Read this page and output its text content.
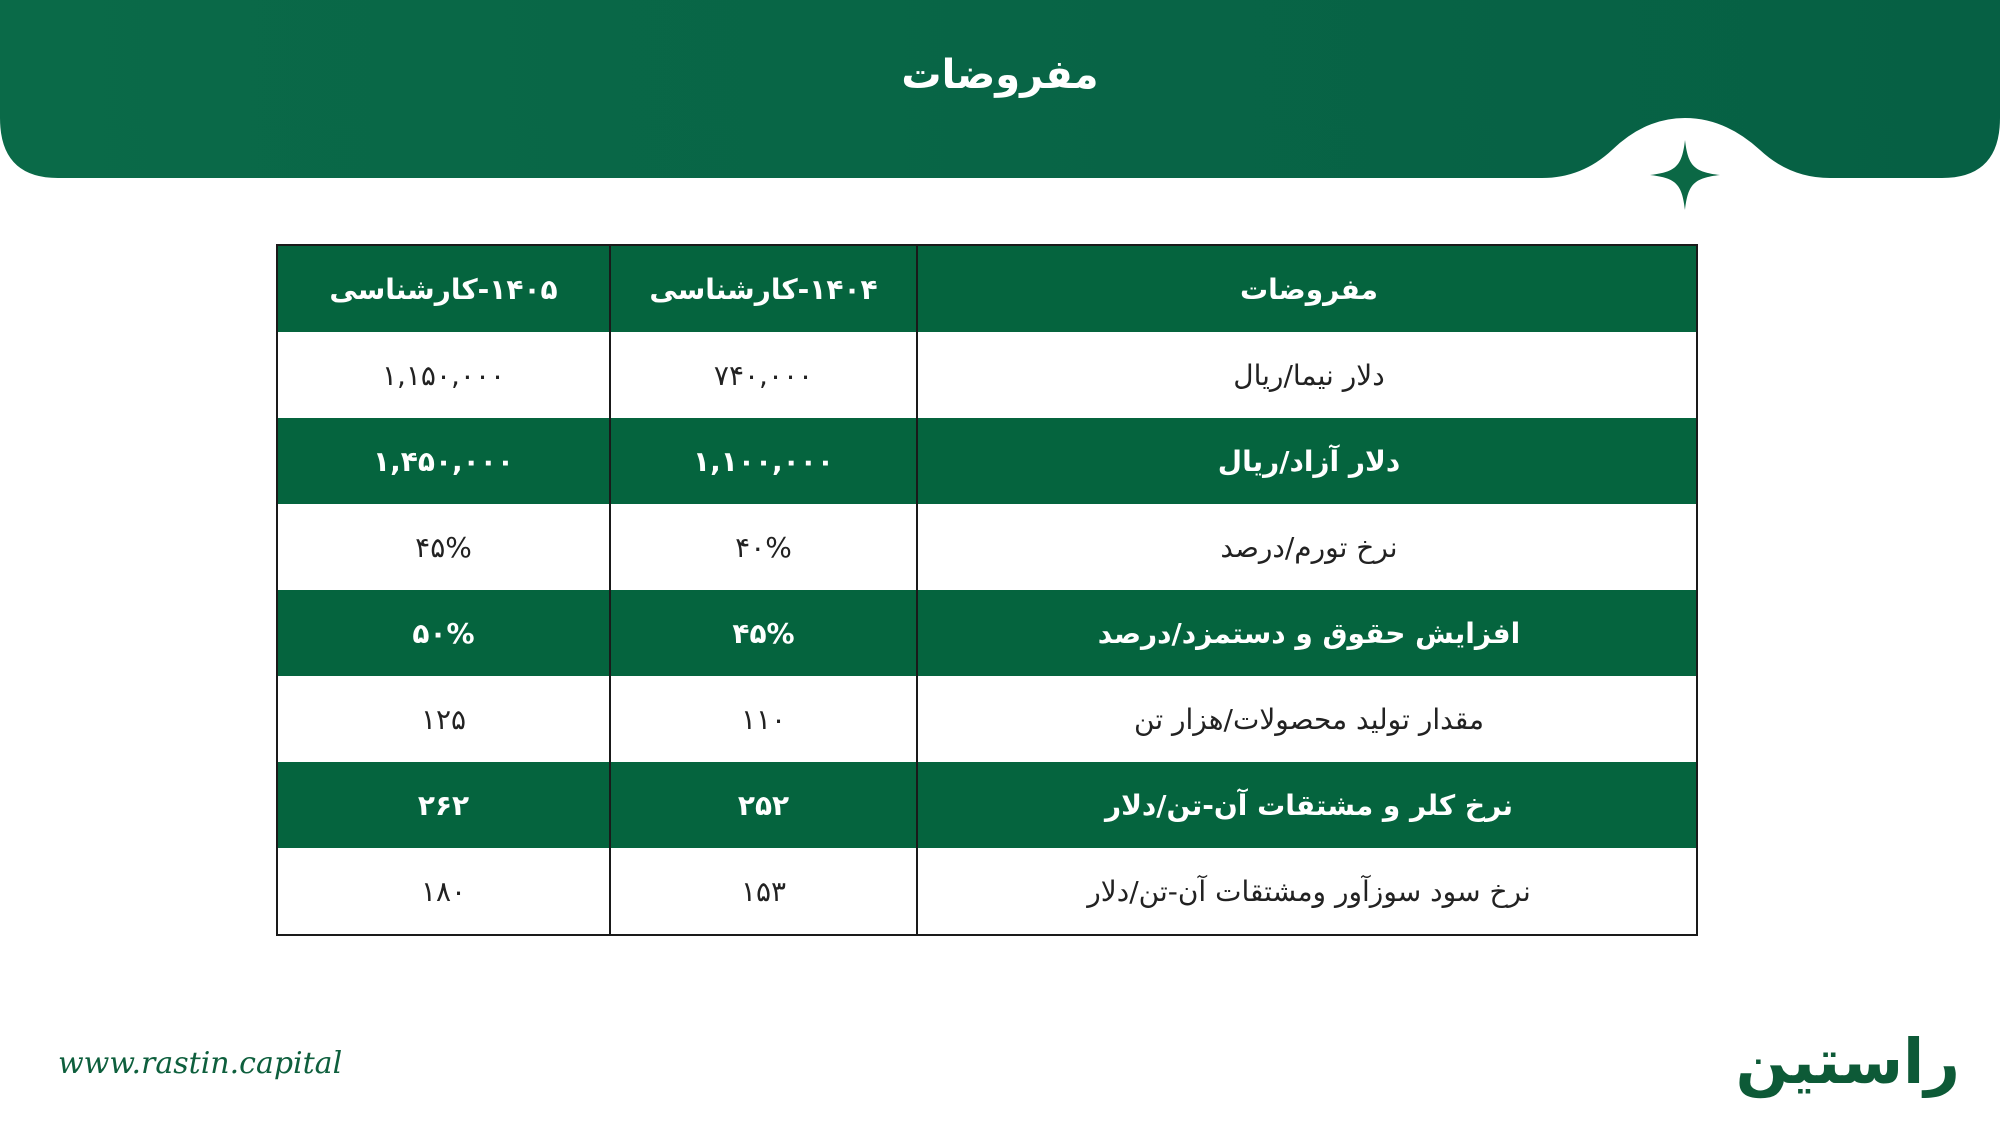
مفروضات
مفروضات	۱۴۰۴-کارشناسی	۱۴۰۵-کارشناسی
دلار نیما/ریال	۷۴۰,۰۰۰	۱,۱۵۰,۰۰۰
دلار آزاد/ریال	۱,۱۰۰,۰۰۰	۱,۴۵۰,۰۰۰
نرخ تورم/درصد	۴۰%	۴۵%
افزایش حقوق و دستمزد/درصد	۴۵%	۵۰%
مقدار تولید محصولات/هزار تن	۱۱۰	۱۲۵
نرخ کلر و مشتقات آن-تن/دلار	۲۵۲	۲۶۲
نرخ سود سوزآور ومشتقات آن-تن/دلار	۱۵۳	۱۸۰
www.rastin.capital	راستین
